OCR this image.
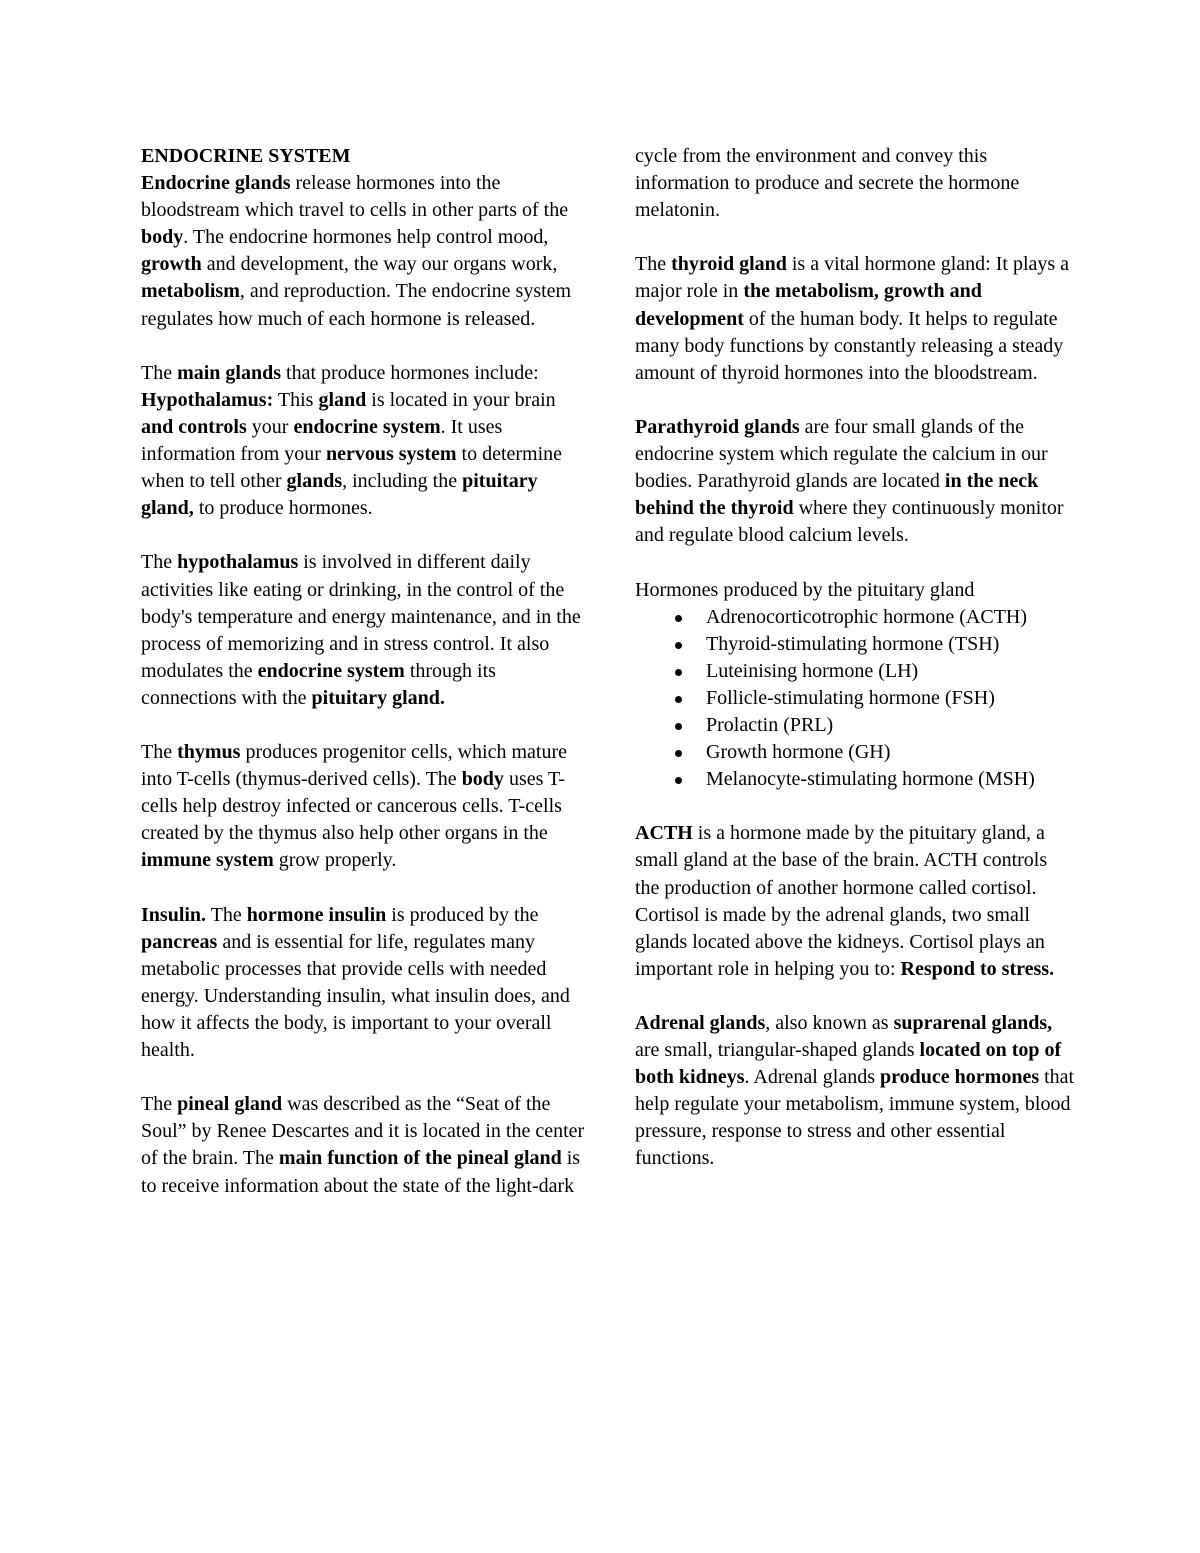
ENDOCRINE SYSTEM

Endocrine glands release hormones into the bloodstream which travel to cells in other parts of the body. The endocrine hormones help control mood, growth and development, the way our organs work, metabolism, and reproduction. The endocrine system regulates how much of each hormone is released.

The main glands that produce hormones include: Hypothalamus: This gland is located in your brain and controls your endocrine system. It uses information from your nervous system to determine when to tell other glands, including the pituitary gland, to produce hormones.

The hypothalamus is involved in different daily activities like eating or drinking, in the control of the body's temperature and energy maintenance, and in the process of memorizing and in stress control. It also modulates the endocrine system through its connections with the pituitary gland.

The thymus produces progenitor cells, which mature into T-cells (thymus-derived cells). The body uses T-cells help destroy infected or cancerous cells. T-cells created by the thymus also help other organs in the immune system grow properly.

Insulin. The hormone insulin is produced by the pancreas and is essential for life, regulates many metabolic processes that provide cells with needed energy. Understanding insulin, what insulin does, and how it affects the body, is important to your overall health.

The pineal gland was described as the “Seat of the Soul” by Renee Descartes and it is located in the center of the brain. The main function of the pineal gland is to receive information about the state of the light-dark

cycle from the environment and convey this information to produce and secrete the hormone melatonin.

The thyroid gland is a vital hormone gland: It plays a major role in the metabolism, growth and development of the human body. It helps to regulate many body functions by constantly releasing a steady amount of thyroid hormones into the bloodstream.

Parathyroid glands are four small glands of the endocrine system which regulate the calcium in our bodies. Parathyroid glands are located in the neck behind the thyroid where they continuously monitor and regulate blood calcium levels.

Hormones produced by the pituitary gland
Adrenocorticotrophic hormone (ACTH)
Thyroid-stimulating hormone (TSH)
Luteinising hormone (LH)
Follicle-stimulating hormone (FSH)
Prolactin (PRL)
Growth hormone (GH)
Melanocyte-stimulating hormone (MSH)

ACTH is a hormone made by the pituitary gland, a small gland at the base of the brain. ACTH controls the production of another hormone called cortisol. Cortisol is made by the adrenal glands, two small glands located above the kidneys. Cortisol plays an important role in helping you to: Respond to stress.

Adrenal glands, also known as suprarenal glands, are small, triangular-shaped glands located on top of both kidneys. Adrenal glands produce hormones that help regulate your metabolism, immune system, blood pressure, response to stress and other essential functions.
